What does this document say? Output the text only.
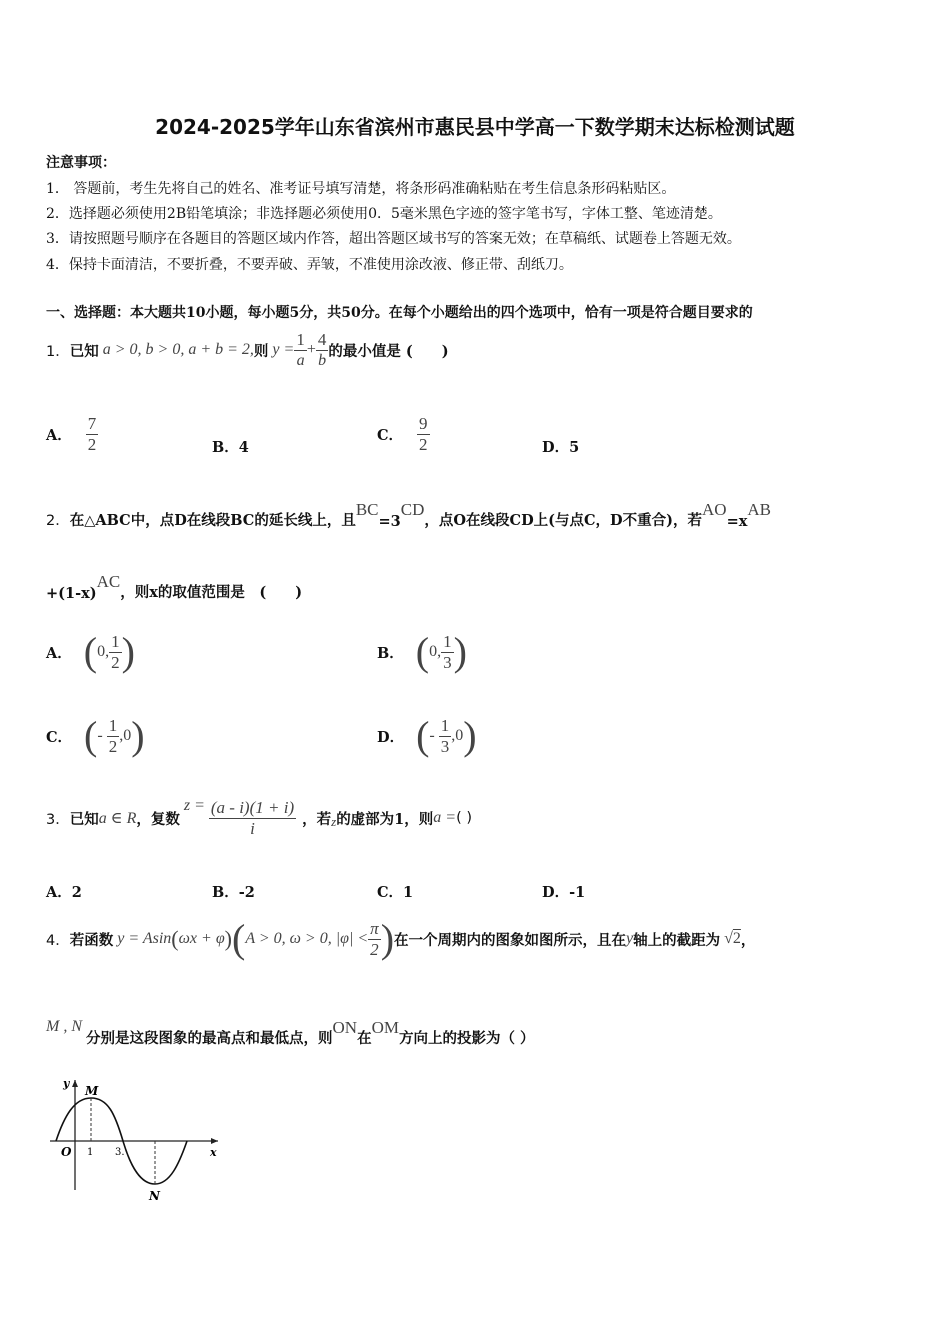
2024-2025学年山东省滨州市惠民县中学高一下数学期末达标检测试题
注意事项：
1． 答题前，考生先将自己的姓名、准考证号填写清楚，将条形码准确粘贴在考生信息条形码粘贴区。
2．选择题必须使用2B铅笔填涂；非选择题必须使用0．5毫米黑色字迹的签字笔书写，字体工整、笔迹清楚。
3．请按照题号顺序在各题目的答题区域内作答，超出答题区域书写的答案无效；在草稿纸、试题卷上答题无效。
4．保持卡面清洁，不要折叠，不要弄破、弄皱，不准使用涂改液、修正带、刮纸刀。
一、选择题：本大题共10小题，每小题5分，共50分。在每个小题给出的四个选项中，恰有一项是符合题目要求的
1． 已知 a > 0, b > 0, a + b = 2, 则 $y = \frac{1}{a} + \frac{4}{b}$ 的最小值是 (　　)
A． $\frac{7}{2}$	B．4
C． $\frac{9}{2}$	D．5
2． 在△ABC中，点D在线段BC的延长线上，且
BC
=3
CD
，点O在线段CD上(与点C，D不重合)，若
AO
=x
AB
+(1-x)
AC
，则x的取值范围是　(　　)
A． ( 0, $\frac{1}{2}$ )	B． ( 0, $\frac{1}{3}$ )
C． ( - $\frac{1}{2} ,0$ )	D． ( - $\frac{1}{3} ,0$ )
3． 已知 a ∈ R ，复数
$z = \frac{(a - i)(1 + i)}{i}$ ，若 z 的虚部为1，则 a = ( )
A．2	B．-2	C．1	D．-1
4． 若函数 y = Asin ( ωx + φ ) ( A > 0, ω > 0, $|\varphi| < \frac{\pi}{2}$ ) 在一个周期内的图象如图所示，且在 y 轴上的截距为 √2 ，
M , N
分别是这段图象的最高点和最低点，则
ON
在
OM
方向上的投影为（ ）
y
x
O
M
N
1 3.
